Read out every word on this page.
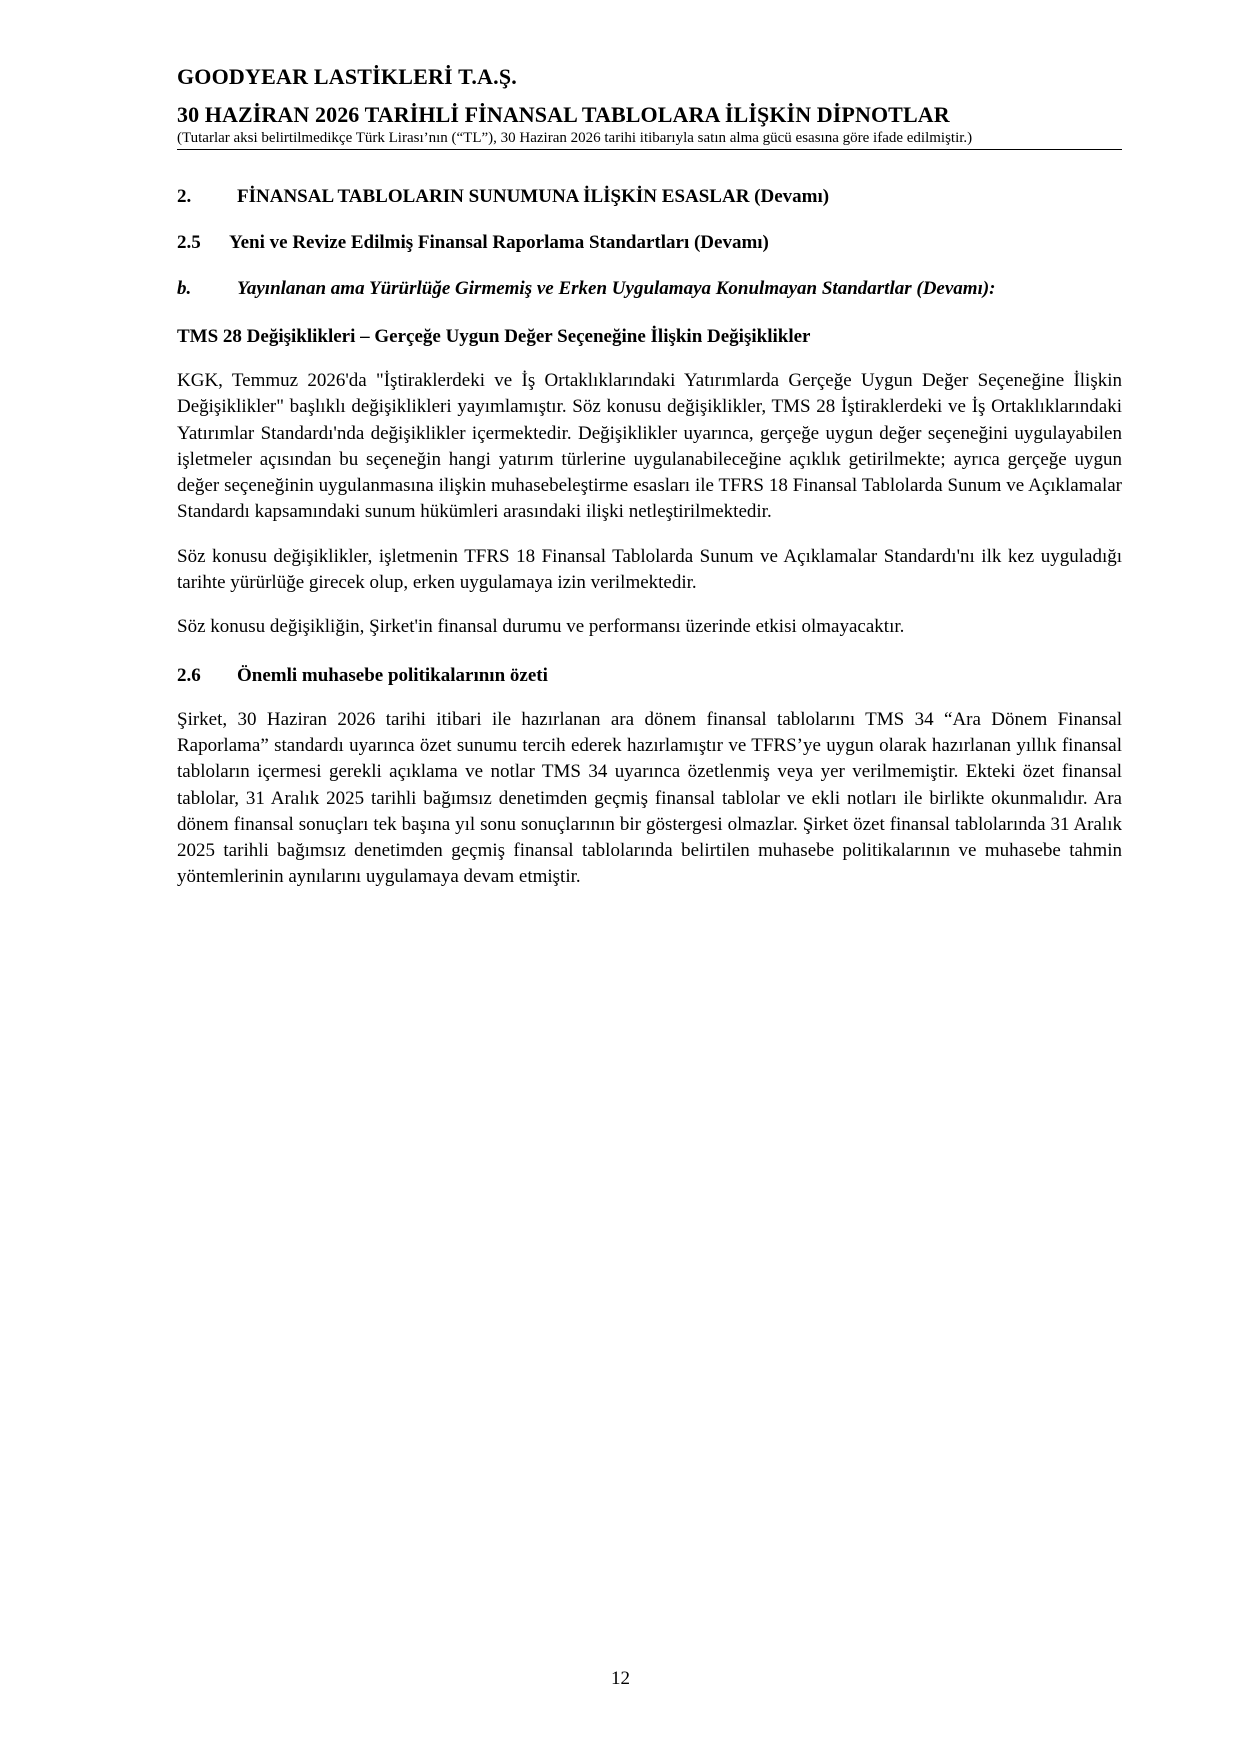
GOODYEAR LASTİKLERİ T.A.Ş.
30 HAZİRAN 2026 TARİHLİ FİNANSAL TABLOLARA İLİŞKİN DİPNOTLAR
(Tutarlar aksi belirtilmedikçe Türk Lirası’nın (“TL”), 30 Haziran 2026 tarihi itibarıyla satın alma gücü esasına göre ifade edilmiştir.)
2. FİNANSAL TABLOLARIN SUNUMUNA İLİŞKİN ESASLAR (Devamı)
2.5 Yeni ve Revize Edilmiş Finansal Raporlama Standartları (Devamı)
b. Yayınlanan ama Yürürlüğe Girmemiş ve Erken Uygulamaya Konulmayan Standartlar (Devamı):
TMS 28 Değişiklikleri – Gerçeğe Uygun Değer Seçeneğine İlişkin Değişiklikler

KGK, Temmuz 2026'da "İştiraklerdeki ve İş Ortaklıklarındaki Yatırımlarda Gerçeğe Uygun Değer Seçeneğine İlişkin Değişiklikler" başlıklı değişiklikleri yayımlamıştır. Söz konusu değişiklikler, TMS 28 İştiraklerdeki ve İş Ortaklıklarındaki Yatırımlar Standardı'nda değişiklikler içermektedir. Değişiklikler uyarınca, gerçeğe uygun değer seçeneğini uygulayabilen işletmeler açısından bu seçeneğin hangi yatırım türlerine uygulanabileceğine açıklık getirilmekte; ayrıca gerçeğe uygun değer seçeneğinin uygulanmasına ilişkin muhasebeleştirme esasları ile TFRS 18 Finansal Tablolarda Sunum ve Açıklamalar Standardı kapsamındaki sunum hükümleri arasındaki ilişki netleştirilmektedir.

Söz konusu değişiklikler, işletmenin TFRS 18 Finansal Tablolarda Sunum ve Açıklamalar Standardı'nı ilk kez uyguladığı tarihte yürürlüğe girecek olup, erken uygulamaya izin verilmektedir.

Söz konusu değişikliğin, Şirket'in finansal durumu ve performansı üzerinde etkisi olmayacaktır.

2.6 Önemli muhasebe politikalarının özeti

Şirket, 30 Haziran 2026 tarihi itibari ile hazırlanan ara dönem finansal tablolarını TMS 34 “Ara Dönem Finansal Raporlama” standardı uyarınca özet sunumu tercih ederek hazırlamıştır ve TFRS’ye uygun olarak hazırlanan yıllık finansal tabloların içermesi gerekli açıklama ve notlar TMS 34 uyarınca özetlenmiş veya yer verilmemiştir. Ekteki özet finansal tablolar, 31 Aralık 2025 tarihli bağımsız denetimden geçmiş finansal tablolar ve ekli notları ile birlikte okunmalıdır. Ara dönem finansal sonuçları tek başına yıl sonu sonuçlarının bir göstergesi olmazlar. Şirket özet finansal tablolarında 31 Aralık 2025 tarihli bağımsız denetimden geçmiş finansal tablolarında belirtilen muhasebe politikalarının ve muhasebe tahmin yöntemlerinin aynılarını uygulamaya devam etmiştir.

12
